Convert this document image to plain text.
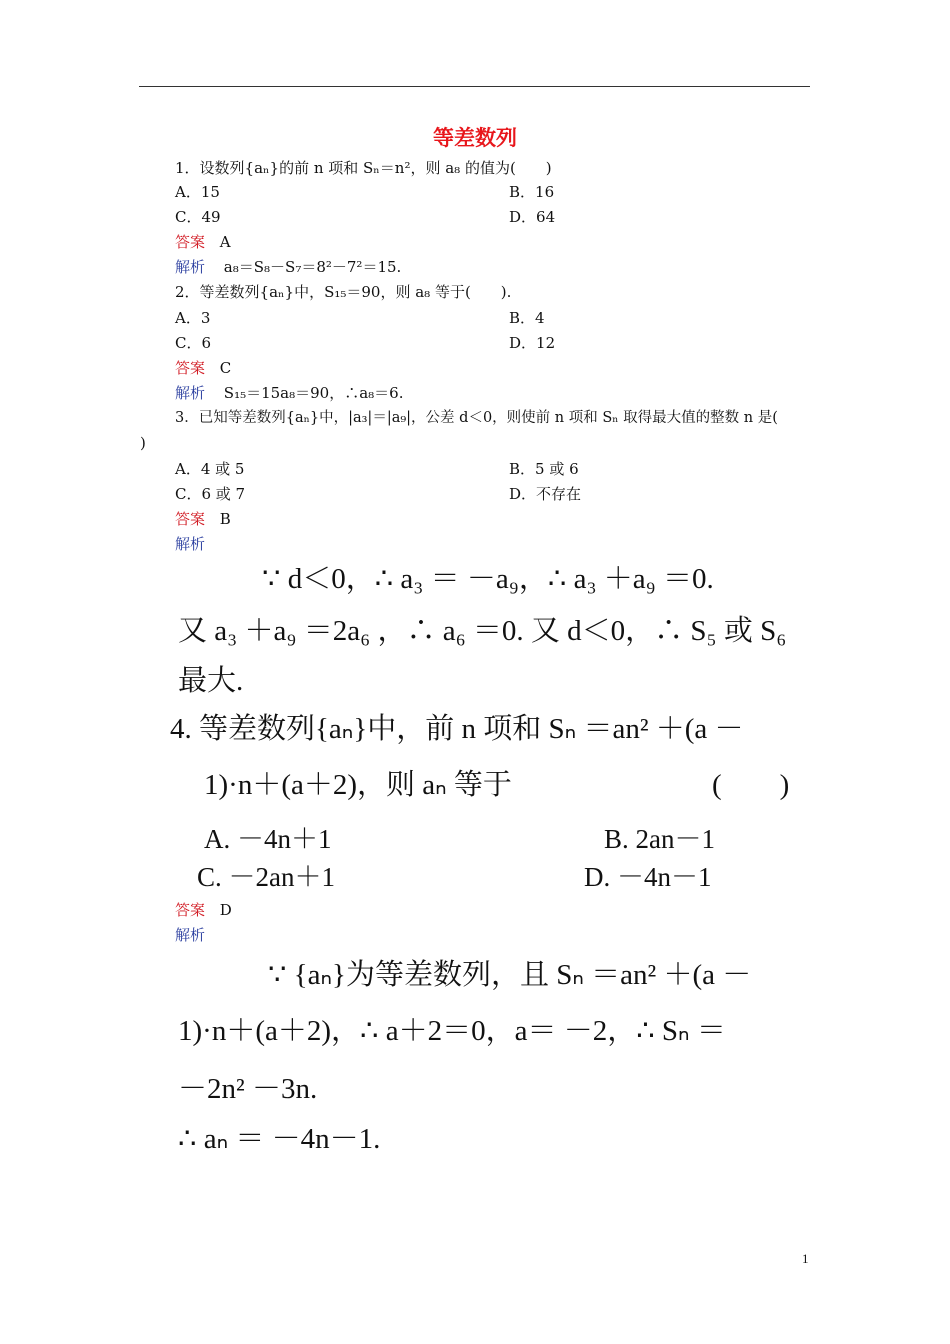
等差数列
1．设数列{aₙ}的前 n 项和 Sₙ＝n²，则 a₈ 的值为(　　)
A．15	B．16
C．49	D．64
答案 A
解析 a₈＝S₈－S₇＝8²－7²＝15.
2．等差数列{aₙ}中，S₁₅＝90，则 a₈ 等于(　　).
A．3	B．4
C．6	D．12
答案 C
解析 S₁₅＝15a₈＝90，∴a₈＝6.
3．已知等差数列{aₙ}中，|a₃|＝|a₉|，公差 d＜0，则使前 n 项和 Sₙ 取得最大值的整数 n 是(
)
A．4 或 5	B．5 或 6
C．6 或 7	D．不存在
答案 B
解析
∵ d＜0，∴ a₃ ＝ －a₉，∴ a₃ ＋a₉ ＝0.
又 a₃ ＋a₉ ＝2a₆ ，∴ a₆ ＝0. 又 d＜0，∴ S₅ 或 S₆
最大.
4. 等差数列{aₙ}中，前 n 项和 Sₙ ＝an² ＋(a －
1)·n＋(a＋2)，则 aₙ 等于	(　　)
A. －4n＋1	B. 2an－1
C. －2an＋1	D. －4n－1
答案 D
解析
∵ {aₙ}为等差数列，且 Sₙ ＝an² ＋(a －
1)·n＋(a＋2)，∴ a＋2＝0，a＝ －2，∴ Sₙ ＝
－2n² －3n.
∴ aₙ ＝ －4n－1.
1
